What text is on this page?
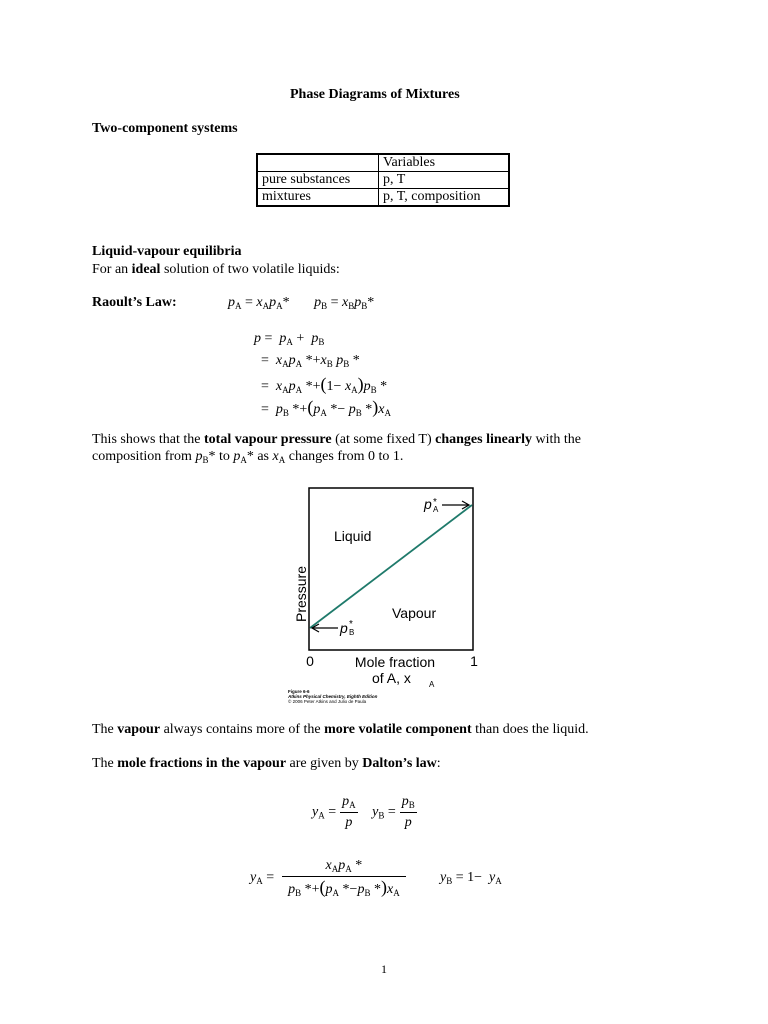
Phase Diagrams of Mixtures
Two-component systems
	Variables
pure substances	p, T
mixtures	p, T, composition
Liquid-vapour equilibria
For an ideal solution of two volatile liquids:
Raoult’s Law:	$p_A = x_Ap_A*$       $p_B = x_Bp_B*$
$p = p_A + p_B$
=  $x_Ap_A$ $*+x_B$ $p_B$ *
=  $x_Ap_A$ $*+(1- x_A)p_B$ *
=  $p_B$ $*+(p_A *- p_B$ $*)x_A$
This shows that the total vapour pressure (at some fixed T) changes linearly with the
composition from $p_B*$ to $p_A*$ as $x_A$ changes from 0 to 1.
Pressure
Liquid
Vapour
p *
A
p *
B
0	1
Mole fraction
of A, x A
Figure 6-6
Atkins Physical Chemistry, Eighth Edition
© 2006 Peter Atkins and Julio de Paula
The vapour always contains more of the more volatile component than does the liquid.
The mole fractions in the vapour are given by Dalton’s law:
$y_A = \frac{p_A}{p} y_B = \frac{p_B}{p}$
$y_A = \frac{x_Ap_A *}{p_B *+(p_A *-p_B *)x_A} y_B = 1- y_A$
1
